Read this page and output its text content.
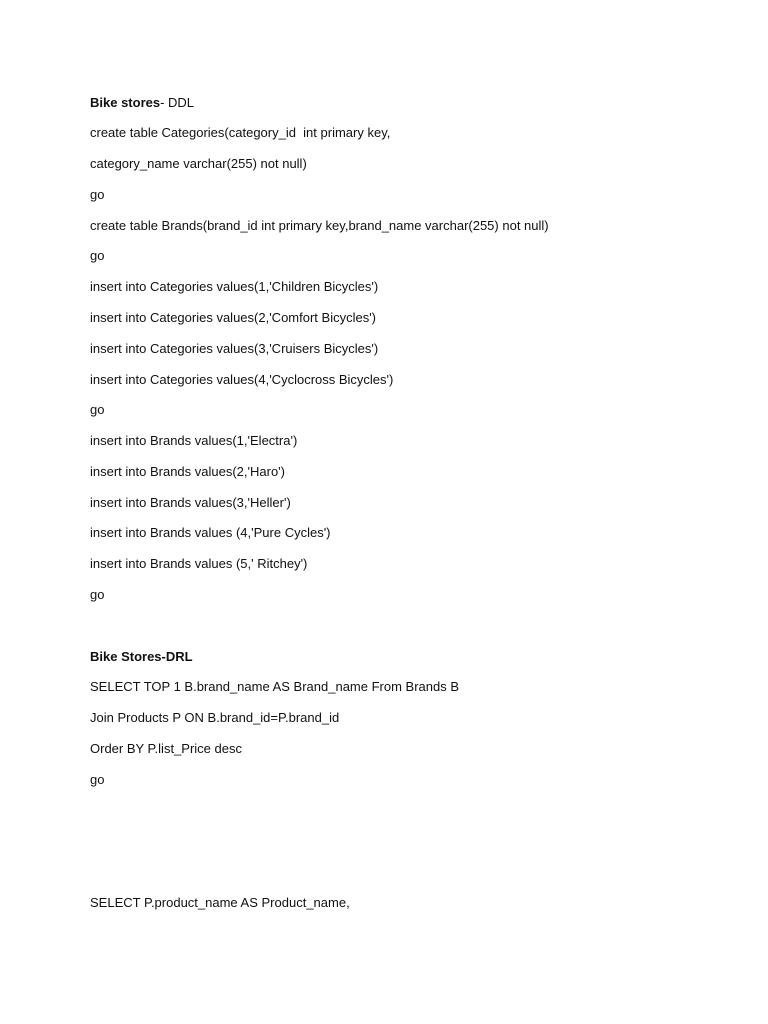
Bike stores- DDL
create table Categories(category_id  int primary key,
category_name varchar(255) not null)
go
create table Brands(brand_id int primary key,brand_name varchar(255) not null)
go
insert into Categories values(1,'Children Bicycles')
insert into Categories values(2,'Comfort Bicycles')
insert into Categories values(3,'Cruisers Bicycles')
insert into Categories values(4,'Cyclocross Bicycles')
go
insert into Brands values(1,'Electra')
insert into Brands values(2,'Haro')
insert into Brands values(3,'Heller')
insert into Brands values (4,'Pure Cycles')
insert into Brands values (5,' Ritchey')
go
Bike Stores-DRL
SELECT TOP 1 B.brand_name AS Brand_name From Brands B
Join Products P ON B.brand_id=P.brand_id
Order BY P.list_Price desc
go
SELECT P.product_name AS Product_name,
